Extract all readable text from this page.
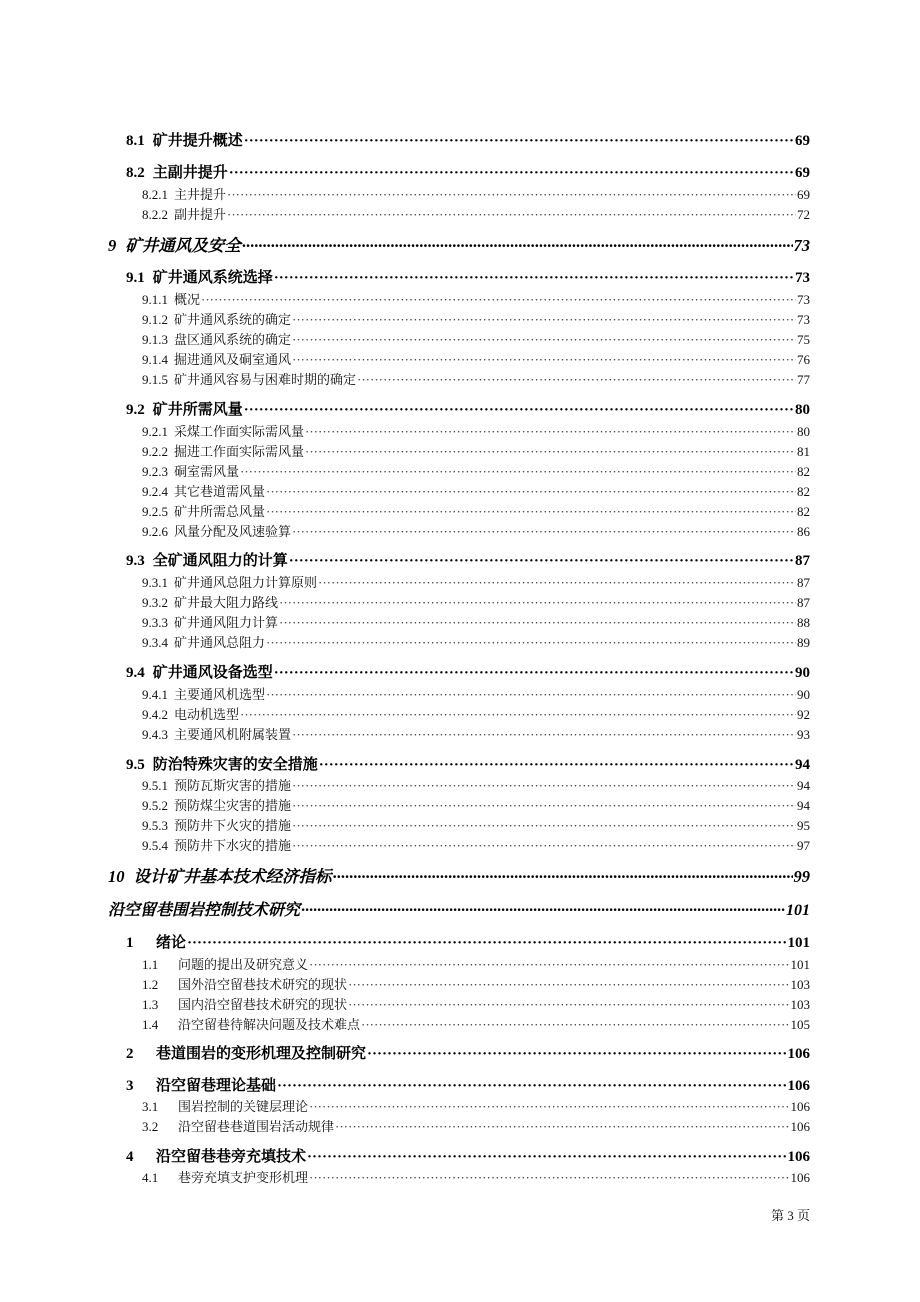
8.1 矿井提升概述 ·····	69
8.2 主副井提升 ·····	69
8.2.1 主井提升 ·····	69
8.2.2 副井提升 ·····	72
9 矿井通风及安全 ·····	73
9.1 矿井通风系统选择 ·····	73
9.1.1 概况 ·····	73
9.1.2 矿井通风系统的确定 ·····	73
9.1.3 盘区通风系统的确定 ·····	75
9.1.4 掘进通风及硐室通风 ·····	76
9.1.5 矿井通风容易与困难时期的确定 ·····	77
9.2 矿井所需风量 ·····	80
9.2.1 采煤工作面实际需风量 ·····	80
9.2.2 掘进工作面实际需风量 ·····	81
9.2.3 硐室需风量 ·····	82
9.2.4 其它巷道需风量 ·····	82
9.2.5 矿井所需总风量 ·····	82
9.2.6 风量分配及风速验算 ·····	86
9.3 全矿通风阻力的计算 ·····	87
9.3.1 矿井通风总阻力计算原则 ·····	87
9.3.2 矿井最大阻力路线 ·····	87
9.3.3 矿井通风阻力计算 ·····	88
9.3.4 矿井通风总阻力 ·····	89
9.4 矿井通风设备选型 ·····	90
9.4.1 主要通风机选型 ·····	90
9.4.2 电动机选型 ·····	92
9.4.3 主要通风机附属装置 ·····	93
9.5 防治特殊灾害的安全措施 ·····	94
9.5.1 预防瓦斯灾害的措施 ·····	94
9.5.2 预防煤尘灾害的措施 ·····	94
9.5.3 预防井下火灾的措施 ·····	95
9.5.4 预防井下水灾的措施 ·····	97
10 设计矿井基本技术经济指标 ·····	99
沿空留巷围岩控制技术研究 ·····	101
1	绪论 ·····	101
1.1	问题的提出及研究意义 ·····	101
1.2	国外沿空留巷技术研究的现状 ·····	103
1.3	国内沿空留巷技术研究的现状 ·····	103
1.4	沿空留巷待解决问题及技术难点 ·····	105
2	巷道围岩的变形机理及控制研究 ·····	106
3	沿空留巷理论基础 ·····	106
3.1	围岩控制的关键层理论 ·····	106
3.2	沿空留巷巷道围岩活动规律 ·····	106
4	沿空留巷巷旁充填技术 ·····	106
4.1	巷旁充填支护变形机理 ·····	106
第 3 页
